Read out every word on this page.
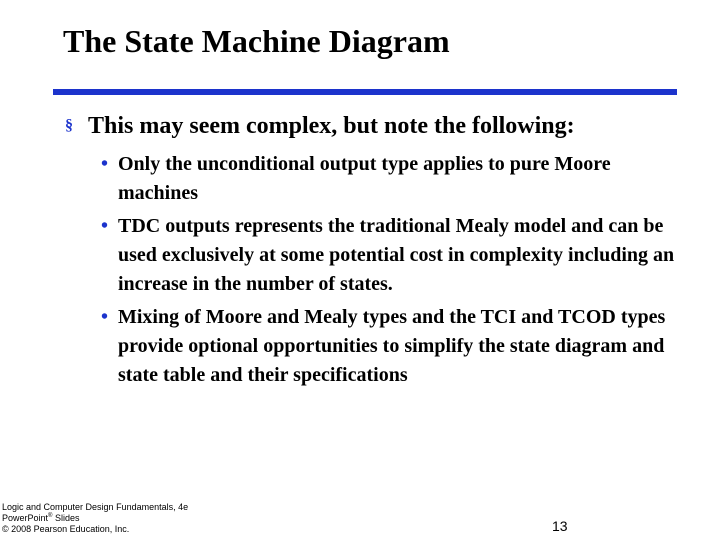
The State Machine Diagram
§ This may seem complex, but note the following:
• Only the unconditional output type applies to pure Moore machines
• TDC outputs represents the traditional Mealy model and can be used exclusively at some potential cost in complexity including an increase in the number of states.
• Mixing of Moore and Mealy types and the TCI and TCOD types provide optional opportunities to simplify the state diagram and state table and their specifications
Logic and Computer Design Fundamentals, 4e
PowerPoint® Slides
© 2008 Pearson Education, Inc.	13
